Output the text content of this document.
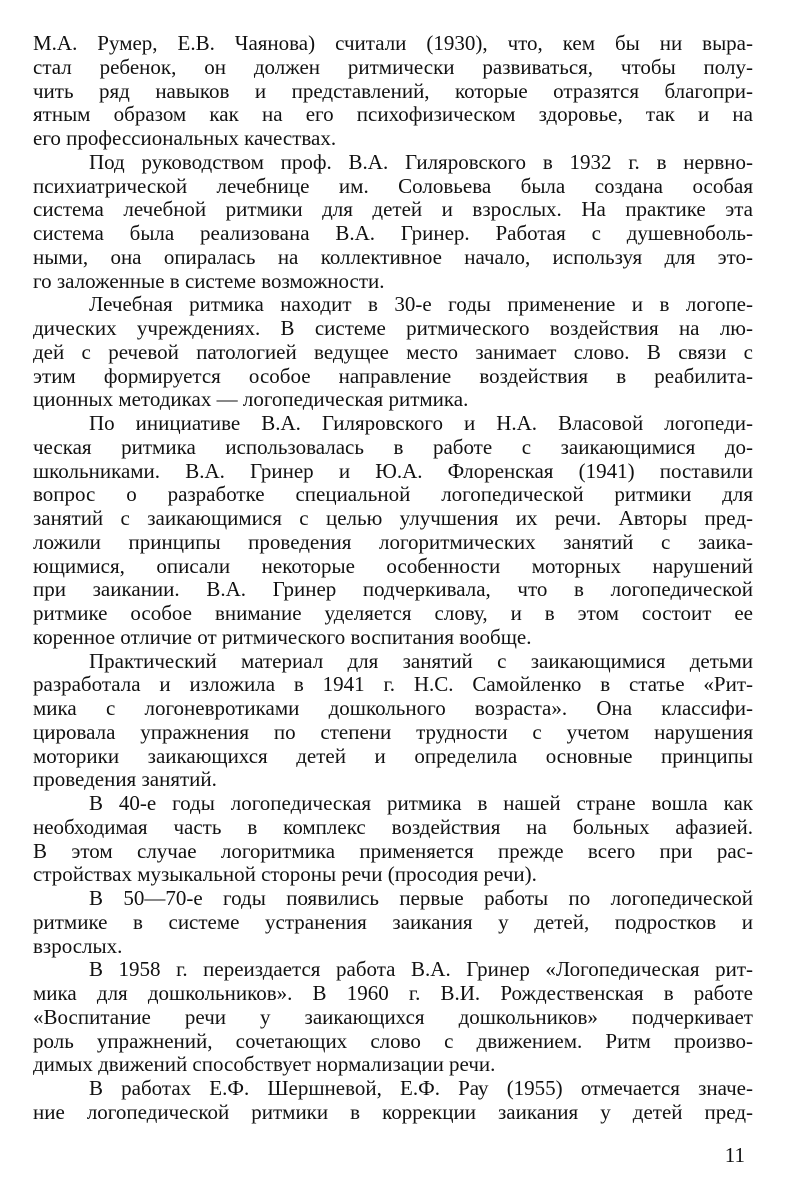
М.А. Румер, Е.В. Чаянова) считали (1930), что, кем бы ни выра-
стал ребенок, он должен ритмически развиваться, чтобы полу-
чить ряд навыков и представлений, которые отразятся благопри-
ятным образом как на его психофизическом здоровье, так и на
его профессиональных качествах.
Под руководством проф. В.А. Гиляровского в 1932 г. в нервно-
психиатрической лечебнице им. Соловьева была создана особая
система лечебной ритмики для детей и взрослых. На практике эта
система была реализована В.А. Гринер. Работая с душевноболь-
ными, она опиралась на коллективное начало, используя для это-
го заложенные в системе возможности.
Лечебная ритмика находит в 30-е годы применение и в логопе-
дических учреждениях. В системе ритмического воздействия на лю-
дей с речевой патологией ведущее место занимает слово. В связи с
этим формируется особое направление воздействия в реабилита-
ционных методиках — логопедическая ритмика.
По инициативе В.А. Гиляровского и Н.А. Власовой логопеди-
ческая ритмика использовалась в работе с заикающимися до-
школьниками. В.А. Гринер и Ю.А. Флоренская (1941) поставили
вопрос о разработке специальной логопедической ритмики для
занятий с заикающимися с целью улучшения их речи. Авторы пред-
ложили принципы проведения логоритмических занятий с заика-
ющимися, описали некоторые особенности моторных нарушений
при заикании. В.А. Гринер подчеркивала, что в логопедической
ритмике особое внимание уделяется слову, и в этом состоит ее
коренное отличие от ритмического воспитания вообще.
Практический материал для занятий с заикающимися детьми
разработала и изложила в 1941 г. Н.С. Самойленко в статье «Рит-
мика с логоневротиками дошкольного возраста». Она классифи-
цировала упражнения по степени трудности с учетом нарушения
моторики заикающихся детей и определила основные принципы
проведения занятий.
В 40-е годы логопедическая ритмика в нашей стране вошла как
необходимая часть в комплекс воздействия на больных афазией.
В этом случае логоритмика применяется прежде всего при рас-
стройствах музыкальной стороны речи (просодия речи).
В 50—70-е годы появились первые работы по логопедической
ритмике в системе устранения заикания у детей, подростков и
взрослых.
В 1958 г. переиздается работа В.А. Гринер «Логопедическая рит-
мика для дошкольников». В 1960 г. В.И. Рождественская в работе
«Воспитание речи у заикающихся дошкольников» подчеркивает
роль упражнений, сочетающих слово с движением. Ритм произво-
димых движений способствует нормализации речи.
В работах Е.Ф. Шершневой, Е.Ф. Рау (1955) отмечается значе-
ние логопедической ритмики в коррекции заикания у детей пред-
11
